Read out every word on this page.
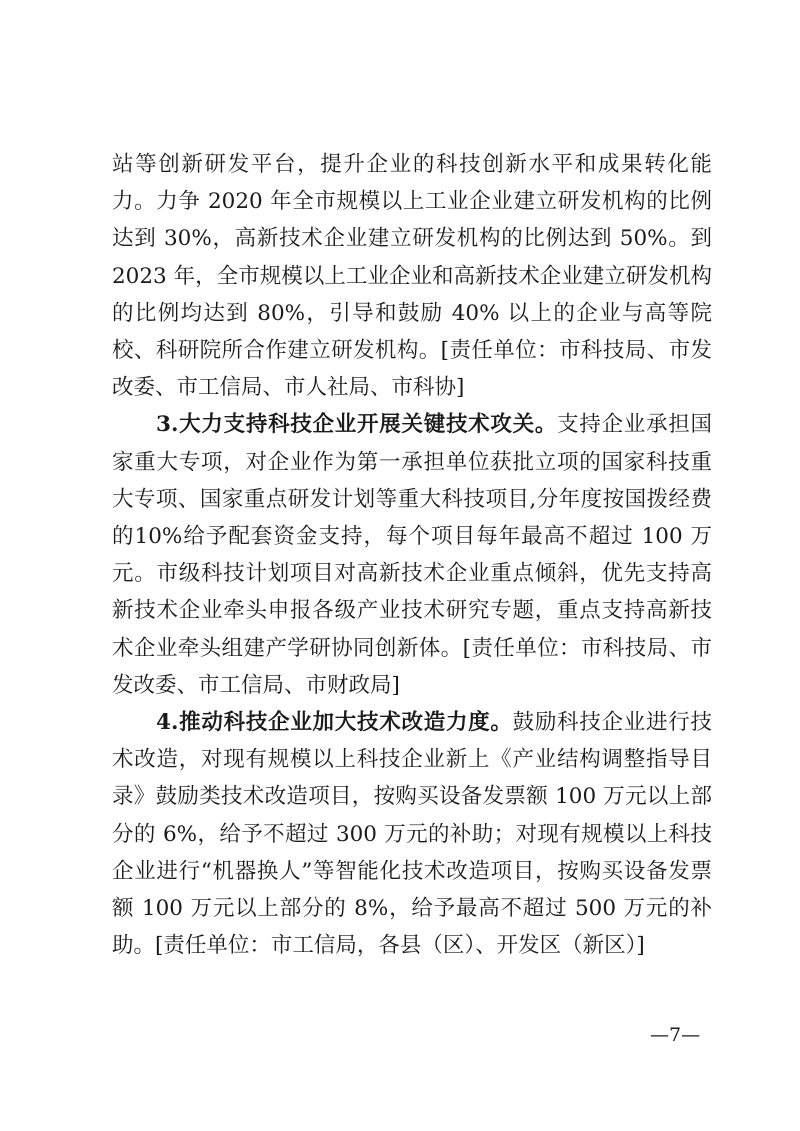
站等创新研发平台，提升企业的科技创新水平和成果转化能力。力争 2020 年全市规模以上工业企业建立研发机构的比例达到 30%，高新技术企业建立研发机构的比例达到 50%。到 2023 年，全市规模以上工业企业和高新技术企业建立研发机构的比例均达到 80%，引导和鼓励 40% 以上的企业与高等院校、科研院所合作建立研发机构。[责任单位：市科技局、市发改委、市工信局、市人社局、市科协]

3.大力支持科技企业开展关键技术攻关。支持企业承担国家重大专项，对企业作为第一承担单位获批立项的国家科技重大专项、国家重点研发计划等重大科技项目,分年度按国拨经费的10%给予配套资金支持，每个项目每年最高不超过 100 万元。市级科技计划项目对高新技术企业重点倾斜，优先支持高新技术企业牵头申报各级产业技术研究专题，重点支持高新技术企业牵头组建产学研协同创新体。[责任单位：市科技局、市发改委、市工信局、市财政局]

4.推动科技企业加大技术改造力度。鼓励科技企业进行技术改造，对现有规模以上科技企业新上《产业结构调整指导目录》鼓励类技术改造项目，按购买设备发票额 100 万元以上部分的 6%，给予不超过 300 万元的补助；对现有规模以上科技企业进行“机器换人”等智能化技术改造项目，按购买设备发票额 100 万元以上部分的 8%，给予最高不超过 500 万元的补助。[责任单位：市工信局，各县（区）、开发区（新区）]

—7—
